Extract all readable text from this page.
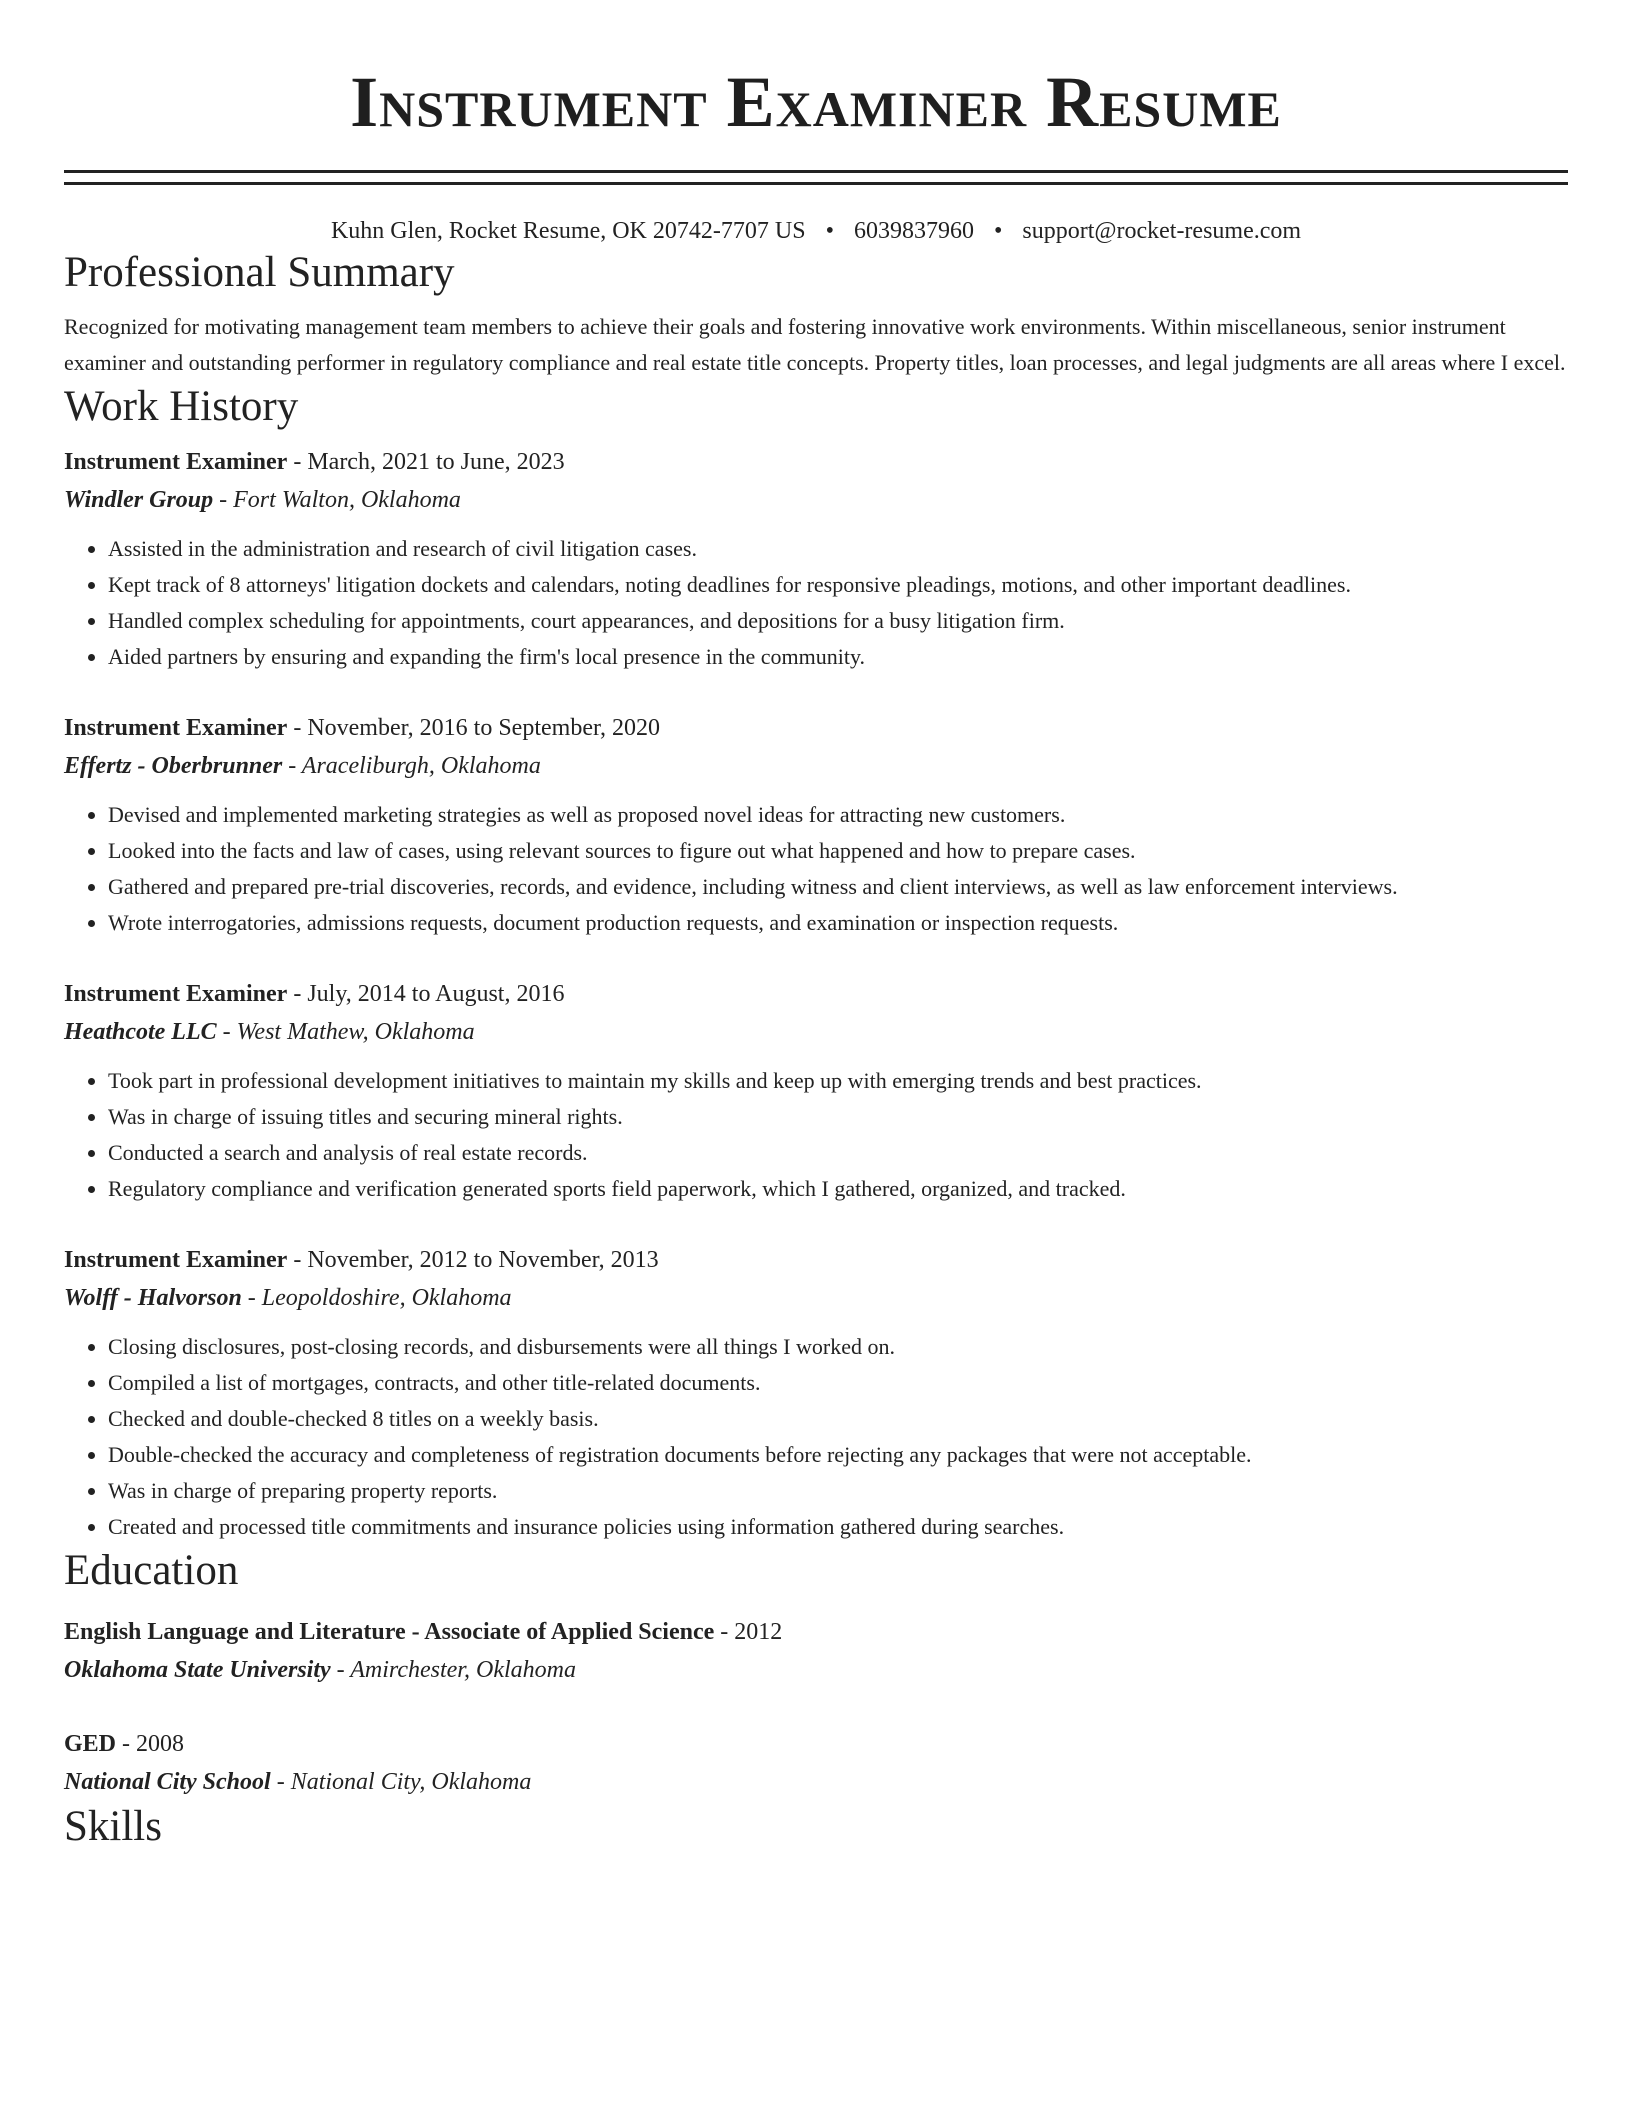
Instrument Examiner Resume
Kuhn Glen, Rocket Resume, OK 20742-7707 US • 6039837960 • support@rocket-resume.com
Professional Summary
Recognized for motivating management team members to achieve their goals and fostering innovative work environments. Within miscellaneous, senior instrument examiner and outstanding performer in regulatory compliance and real estate title concepts. Property titles, loan processes, and legal judgments are all areas where I excel.
Work History
Instrument Examiner - March, 2021 to June, 2023
Windler Group - Fort Walton, Oklahoma
• Assisted in the administration and research of civil litigation cases.
• Kept track of 8 attorneys' litigation dockets and calendars, noting deadlines for responsive pleadings, motions, and other important deadlines.
• Handled complex scheduling for appointments, court appearances, and depositions for a busy litigation firm.
• Aided partners by ensuring and expanding the firm's local presence in the community.
Instrument Examiner - November, 2016 to September, 2020
Effertz - Oberbrunner - Araceliburgh, Oklahoma
• Devised and implemented marketing strategies as well as proposed novel ideas for attracting new customers.
• Looked into the facts and law of cases, using relevant sources to figure out what happened and how to prepare cases.
• Gathered and prepared pre-trial discoveries, records, and evidence, including witness and client interviews, as well as law enforcement interviews.
• Wrote interrogatories, admissions requests, document production requests, and examination or inspection requests.
Instrument Examiner - July, 2014 to August, 2016
Heathcote LLC - West Mathew, Oklahoma
• Took part in professional development initiatives to maintain my skills and keep up with emerging trends and best practices.
• Was in charge of issuing titles and securing mineral rights.
• Conducted a search and analysis of real estate records.
• Regulatory compliance and verification generated sports field paperwork, which I gathered, organized, and tracked.
Instrument Examiner - November, 2012 to November, 2013
Wolff - Halvorson - Leopoldoshire, Oklahoma
• Closing disclosures, post-closing records, and disbursements were all things I worked on.
• Compiled a list of mortgages, contracts, and other title-related documents.
• Checked and double-checked 8 titles on a weekly basis.
• Double-checked the accuracy and completeness of registration documents before rejecting any packages that were not acceptable.
• Was in charge of preparing property reports.
• Created and processed title commitments and insurance policies using information gathered during searches.
Education
English Language and Literature - Associate of Applied Science - 2012
Oklahoma State University - Amirchester, Oklahoma
GED - 2008
National City School - National City, Oklahoma
Skills
